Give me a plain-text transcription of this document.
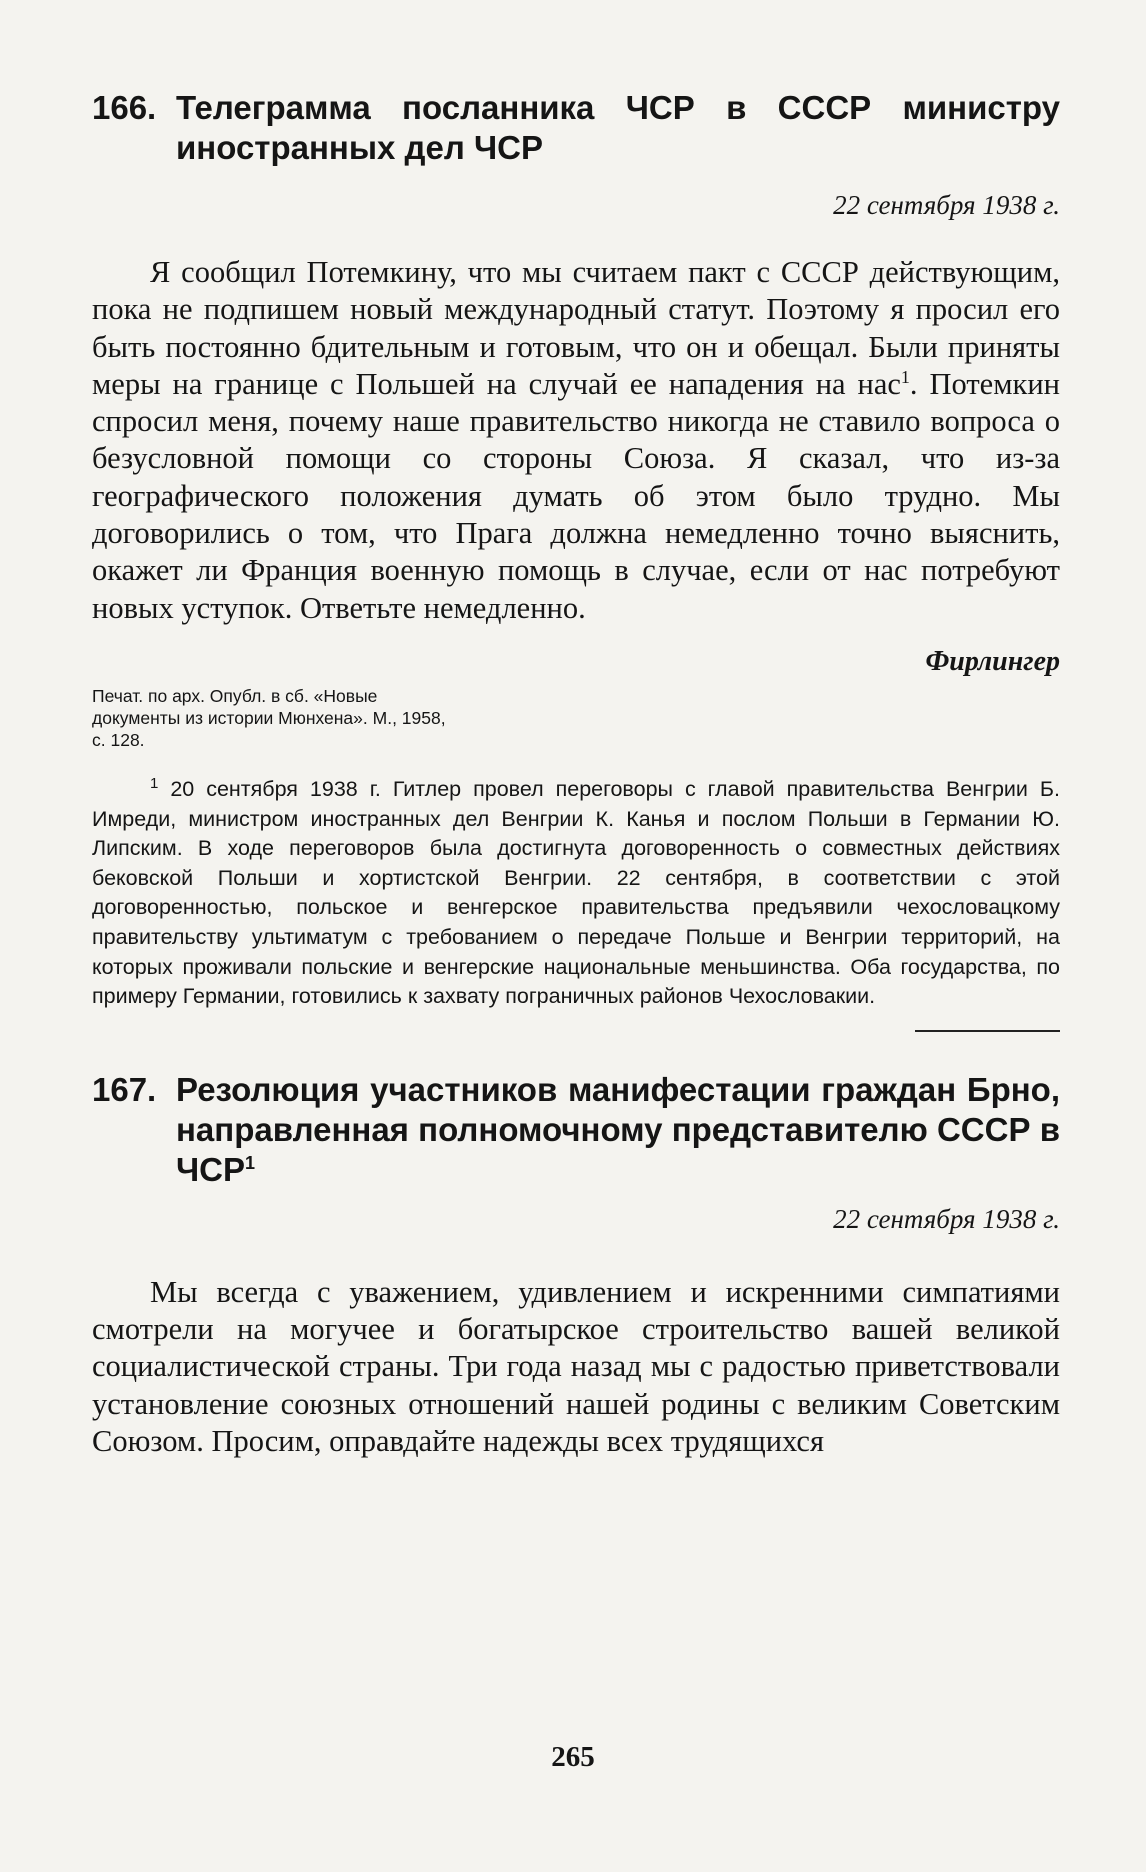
166. Телеграмма посланника ЧСР в СССР министру иностранных дел ЧСР
22 сентября 1938 г.

Я сообщил Потемкину, что мы считаем пакт с СССР действующим, пока не подпишем новый международный статут. Поэтому я просил его быть постоянно бдительным и готовым, что он и обещал. Были приняты меры на границе с Польшей на случай ее нападения на нас$^1$. Потемкин спросил меня, почему наше правительство никогда не ставило вопроса о безусловной помощи со стороны Союза. Я сказал, что из-за географического положения думать об этом было трудно. Мы договорились о том, что Прага должна немедленно точно выяснить, окажет ли Франция военную помощь в случае, если от нас потребуют новых уступок. Ответьте немедленно.

Фирлингер
Печат. по арх. Опубл. в сб. «Новые документы из истории Мюнхена». М., 1958, с. 128.
$^1$ 20 сентября 1938 г. Гитлер провел переговоры с главой правительства Венгрии Б. Имреди, министром иностранных дел Венгрии К. Канья и послом Польши в Германии Ю. Липским. В ходе переговоров была достигнута договоренность о совместных действиях бековской Польши и хортистской Венгрии. 22 сентября, в соответствии с этой договоренностью, польское и венгерское правительства предъявили чехословацкому правительству ультиматум с требованием о передаче Польше и Венгрии территорий, на которых проживали польские и венгерские национальные меньшинства. Оба государства, по примеру Германии, готовились к захвату пограничных районов Чехословакии.
167. Резолюция участников манифестации граждан Брно, направленная полномочному представителю СССР в ЧСР$^1$
22 сентября 1938 г.

Мы всегда с уважением, удивлением и искренними симпатиями смотрели на могучее и богатырское строительство вашей великой социалистической страны. Три года назад мы с радостью приветствовали установление союзных отношений нашей родины с великим Советским Союзом. Просим, оправдайте надежды всех трудящихся

265
